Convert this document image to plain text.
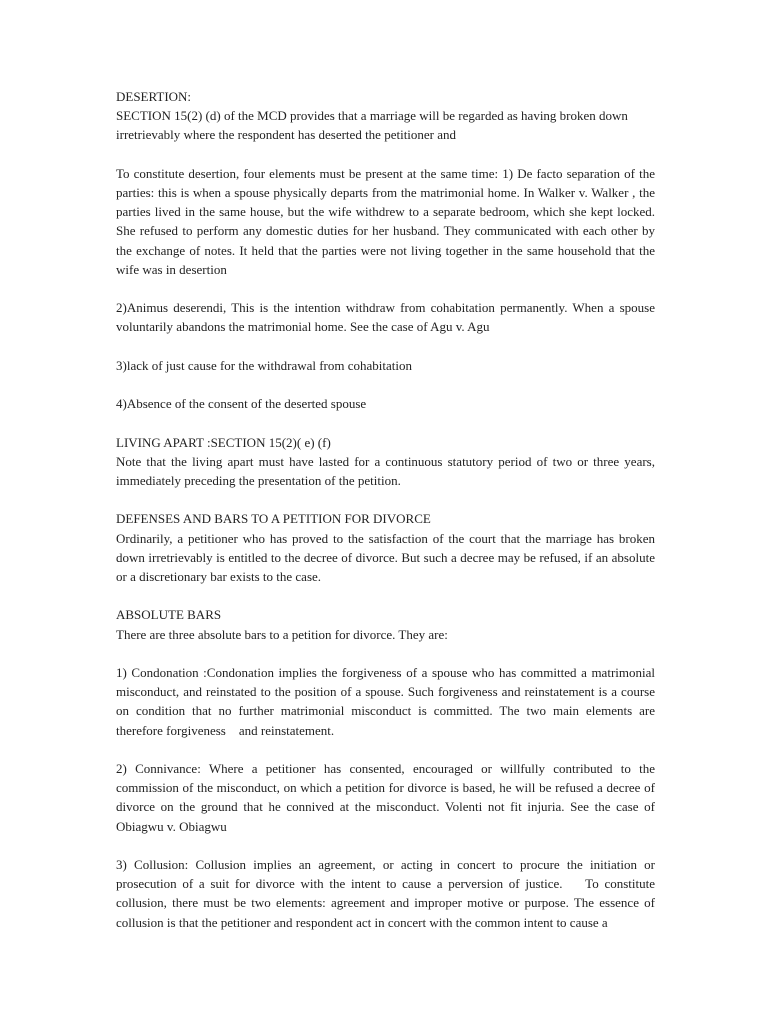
DESERTION:
SECTION 15(2) (d) of the MCD provides that a marriage will be regarded as having broken down irretrievably where the respondent has deserted the petitioner and

To constitute desertion, four elements must be present at the same time: 1) De facto separation of the parties: this is when a spouse physically departs from the matrimonial home. In Walker v. Walker , the parties lived in the same house, but the wife withdrew to a separate bedroom, which she kept locked. She refused to perform any domestic duties for her husband. They communicated with each other by the exchange of notes. It held that the parties were not living together in the same household that the wife was in desertion

2)Animus deserendi, This is the intention withdraw from cohabitation permanently. When a spouse voluntarily abandons the matrimonial home. See the case of Agu v. Agu

3)lack of just cause for the withdrawal from cohabitation

4)Absence of the consent of the deserted spouse

LIVING APART :SECTION 15(2)( e) (f)
Note that the living apart must have lasted for a continuous statutory period of two or three years, immediately preceding the presentation of the petition.

DEFENSES AND BARS TO A PETITION FOR DIVORCE
Ordinarily, a petitioner who has proved to the satisfaction of the court that the marriage has broken down irretrievably is entitled to the decree of divorce. But such a decree may be refused, if an absolute or a discretionary bar exists to the case.

ABSOLUTE BARS
There are three absolute bars to a petition for divorce. They are:

1) Condonation :Condonation implies the forgiveness of a spouse who has committed a matrimonial misconduct, and reinstated to the position of a spouse. Such forgiveness and reinstatement is a course on condition that no further matrimonial misconduct is committed. The two main elements are therefore forgiveness    and reinstatement.

2) Connivance: Where a petitioner has consented, encouraged or willfully contributed to the commission of the misconduct, on which a petition for divorce is based, he will be refused a decree of divorce on the ground that he connived at the misconduct. Volenti not fit injuria. See the case of Obiagwu v. Obiagwu

3) Collusion: Collusion implies an agreement, or acting in concert to procure the initiation or prosecution of a suit for divorce with the intent to cause a perversion of justice.    To constitute collusion, there must be two elements: agreement and improper motive or purpose. The essence of collusion is that the petitioner and respondent act in concert with the common intent to cause a
